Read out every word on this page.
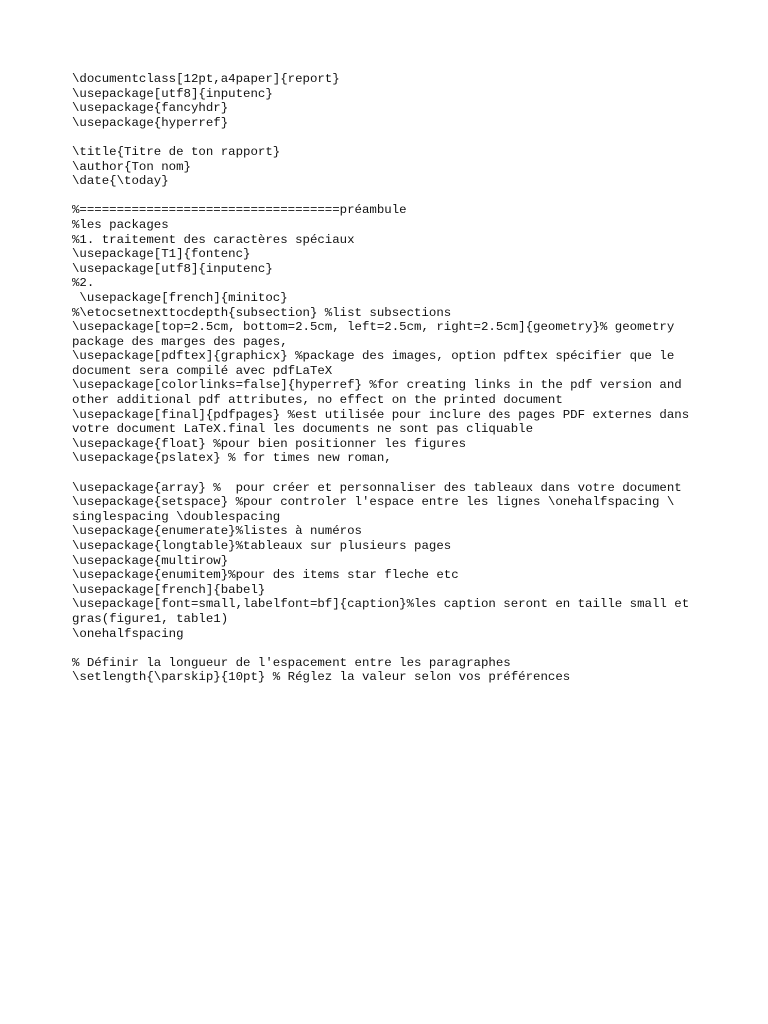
\documentclass[12pt,a4paper]{report}
\usepackage[utf8]{inputenc}
\usepackage{fancyhdr}
\usepackage{hyperref}
\title{Titre de ton rapport}
\author{Ton nom}
\date{\today}
%===================================préambule
%les packages
%1. traitement des caractères spéciaux
\usepackage[T1]{fontenc}
\usepackage[utf8]{inputenc}
%2.
\usepackage[french]{minitoc}
%\etocsetnexttocdepth{subsection} %list subsections
\usepackage[top=2.5cm, bottom=2.5cm, left=2.5cm, right=2.5cm]{geometry}% geometry
package des marges des pages,
\usepackage[pdftex]{graphicx} %package des images, option pdftex spécifier que le
document sera compilé avec pdfLaTeX
\usepackage[colorlinks=false]{hyperref} %for creating links in the pdf version and
other additional pdf attributes, no effect on the printed document
\usepackage[final]{pdfpages} %est utilisée pour inclure des pages PDF externes dans
votre document LaTeX.final les documents ne sont pas cliquable
\usepackage{float} %pour bien positionner les figures
\usepackage{pslatex} % for times new roman,
\usepackage{array} %  pour créer et personnaliser des tableaux dans votre document
\usepackage{setspace} %pour controler l'espace entre les lignes \onehalfspacing \
singlespacing \doublespacing
\usepackage{enumerate}%listes à numéros
\usepackage{longtable}%tableaux sur plusieurs pages
\usepackage{multirow}
\usepackage{enumitem}%pour des items star fleche etc
\usepackage[french]{babel}
\usepackage[font=small,labelfont=bf]{caption}%les caption seront en taille small et
gras(figure1, table1)
\onehalfspacing
% Définir la longueur de l'espacement entre les paragraphes
\setlength{\parskip}{10pt} % Réglez la valeur selon vos préférences
